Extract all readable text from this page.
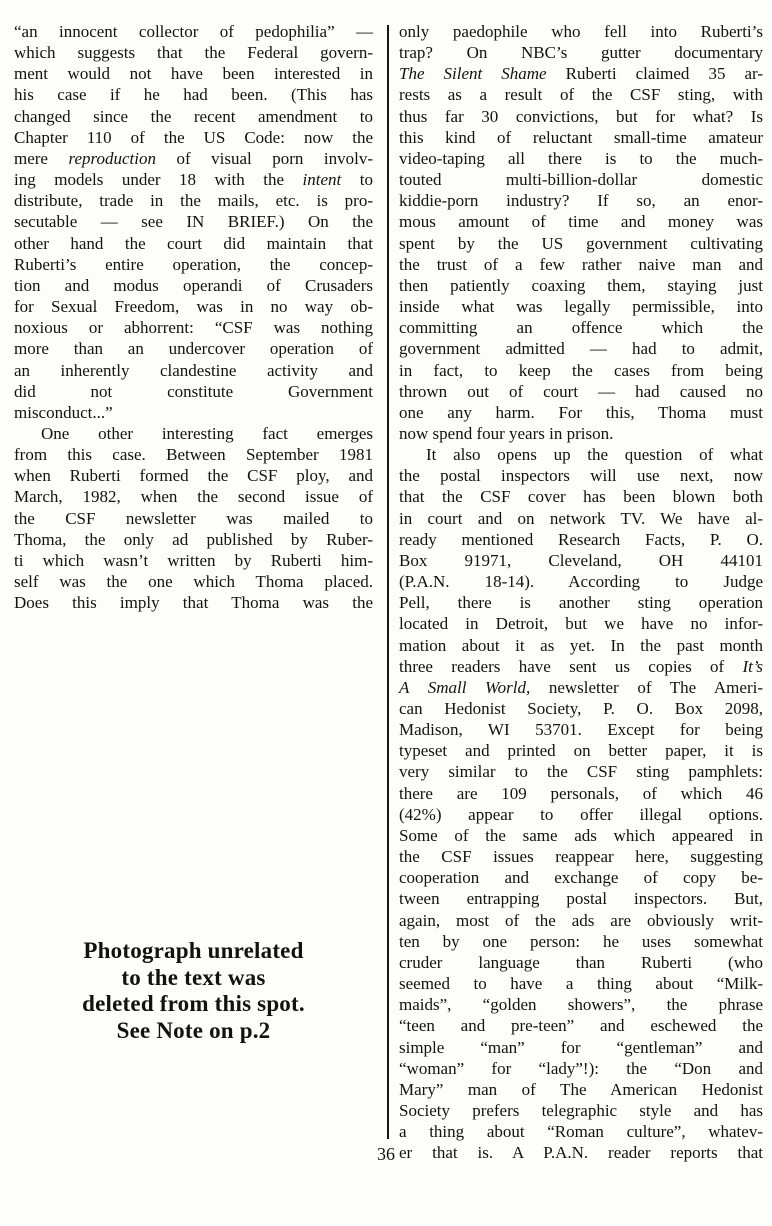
“an innocent collector of pedophilia” —
which suggests that the Federal govern-
ment would not have been interested in
his case if he had been. (This has
changed since the recent amendment to
Chapter 110 of the US Code: now the
mere reproduction of visual porn involv-
ing models under 18 with the intent to
distribute, trade in the mails, etc. is pro-
secutable — see IN BRIEF.) On the
other hand the court did maintain that
Ruberti’s entire operation, the concep-
tion and modus operandi of Crusaders
for Sexual Freedom, was in no way ob-
noxious or abhorrent: “CSF was nothing
more than an undercover operation of
an inherently clandestine activity and
did not constitute Government
misconduct...”
One other interesting fact emerges
from this case. Between September 1981
when Ruberti formed the CSF ploy, and
March, 1982, when the second issue of
the CSF newsletter was mailed to
Thoma, the only ad published by Ruber-
ti which wasn’t written by Ruberti him-
self was the one which Thoma placed.
Does this imply that Thoma was the
only paedophile who fell into Ruberti’s
trap? On NBC’s gutter documentary
The Silent Shame Ruberti claimed 35 ar-
rests as a result of the CSF sting, with
thus far 30 convictions, but for what? Is
this kind of reluctant small-time amateur
video-taping all there is to the much-
touted multi-billion-dollar domestic
kiddie-porn industry? If so, an enor-
mous amount of time and money was
spent by the US government cultivating
the trust of a few rather naive man and
then patiently coaxing them, staying just
inside what was legally permissible, into
committing an offence which the
government admitted — had to admit,
in fact, to keep the cases from being
thrown out of court — had caused no
one any harm. For this, Thoma must
now spend four years in prison.
It also opens up the question of what
the postal inspectors will use next, now
that the CSF cover has been blown both
in court and on network TV. We have al-
ready mentioned Research Facts, P. O.
Box 91971, Cleveland, OH 44101
(P.A.N. 18-14). According to Judge
Pell, there is another sting operation
located in Detroit, but we have no infor-
mation about it as yet. In the past month
three readers have sent us copies of It’s
A Small World, newsletter of The Ameri-
can Hedonist Society, P. O. Box 2098,
Madison, WI 53701. Except for being
typeset and printed on better paper, it is
very similar to the CSF sting pamphlets:
there are 109 personals, of which 46
(42%) appear to offer illegal options.
Some of the same ads which appeared in
the CSF issues reappear here, suggesting
cooperation and exchange of copy be-
tween entrapping postal inspectors. But,
again, most of the ads are obviously writ-
ten by one person: he uses somewhat
cruder language than Ruberti (who
seemed to have a thing about “Milk-
maids”, “golden showers”, the phrase
“teen and pre-teen” and eschewed the
simple “man” for “gentleman” and
“woman” for “lady”!): the “Don and
Mary” man of The American Hedonist
Society prefers telegraphic style and has
a thing about “Roman culture”, whatev-
er that is. A P.A.N. reader reports that
Photograph unrelated
to the text was
deleted from this spot.
See Note on p.2
36
